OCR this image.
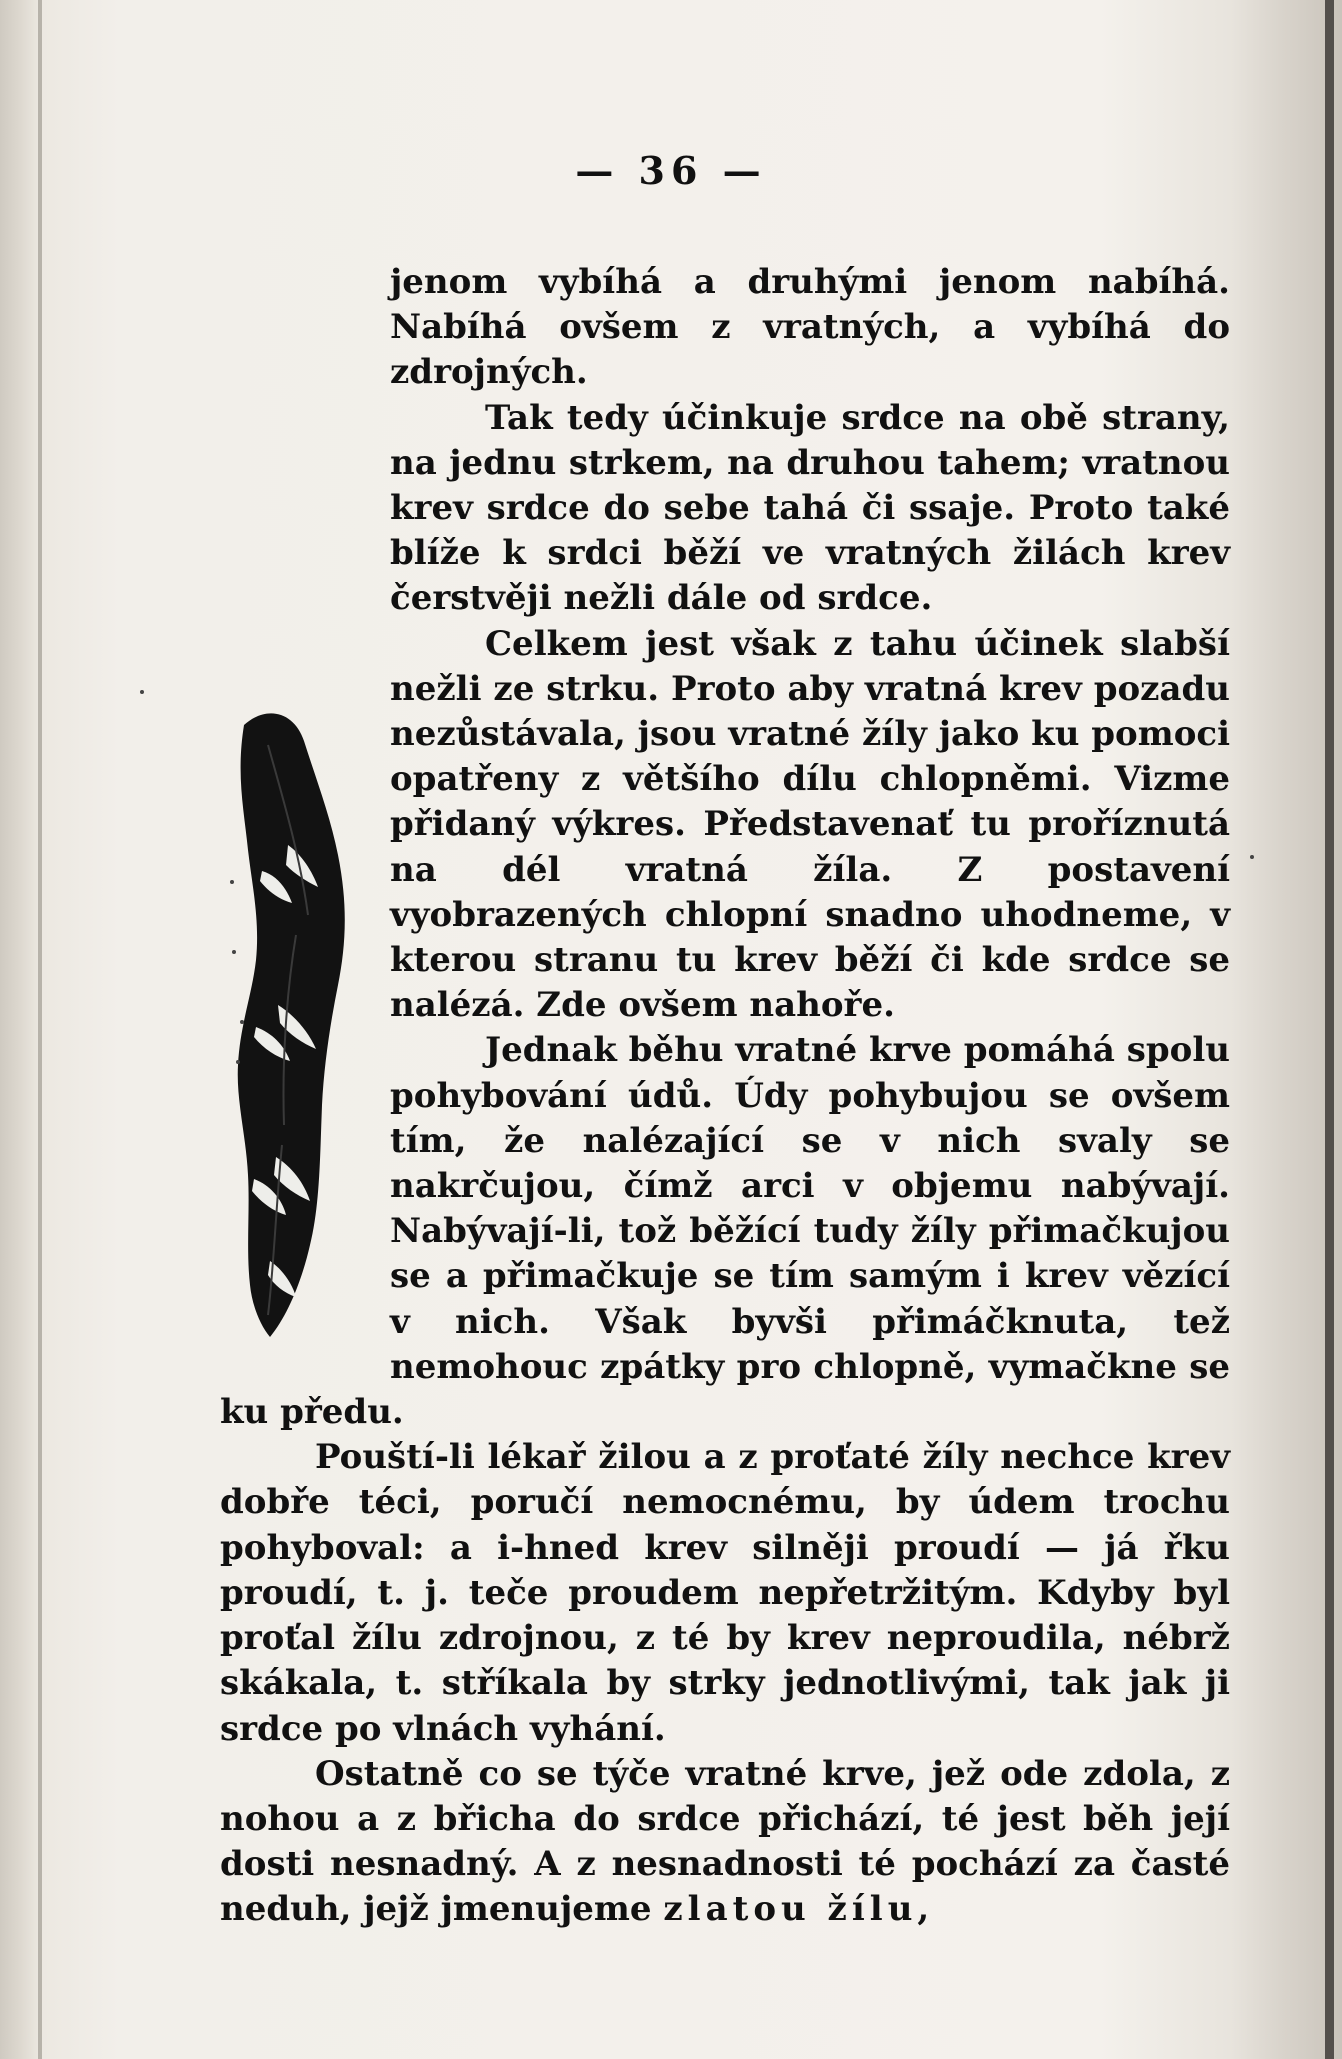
— 36 —

jenom vybíhá a druhými jenom nabíhá. Nabíhá ovšem z vratných, a vybíhá do zdrojných.

Tak tedy účinkuje srdce na obě strany, na jednu strkem, na druhou tahem; vratnou krev srdce do sebe tahá či ssaje. Proto také blíže k srdci běží ve vratných žilách krev čerstvěji nežli dále od srdce.

Celkem jest však z tahu účinek slabší nežli ze strku. Proto aby vratná krev pozadu nezůstávala, jsou vratné žíly jako ku pomoci opatřeny z většího dílu chlopněmi. Vizme přidaný výkres. Představenať tu proříznutá na dél vratná žíla. Z postavení vyobrazených chlopní snadno uhodneme, v kterou stranu tu krev běží či kde srdce se nalézá. Zde ovšem nahoře.

Jednak běhu vratné krve pomáhá spolu pohybování údů. Údy pohybujou se ovšem tím, že nalézající se v nich svaly se nakrčujou, čímž arci v objemu nabývají. Nabývají-li, tož běžící tudy žíly přimačkujou se a přimačkuje se tím samým i krev vězící v nich. Však byvši přimáčknuta, tež nemohouc zpátky pro chlopně, vymačkne se ku předu.

Pouští-li lékař žilou a z proťaté žíly nechce krev dobře téci, poručí nemocnému, by údem trochu pohyboval: a i-hned krev silněji proudí — já řku proudí, t. j. teče proudem nepřetržitým. Kdyby byl proťal žílu zdrojnou, z té by krev neproudila, nébrž skákala, t. stříkala by strky jednotlivými, tak jak ji srdce po vlnách vyhání.

Ostatně co se týče vratné krve, jež ode zdola, z nohou a z břicha do srdce přichází, té jest běh její dosti nesnadný. A z nesnadnosti té pochází za časté neduh, jejž jmenujeme zlatou žílu,
